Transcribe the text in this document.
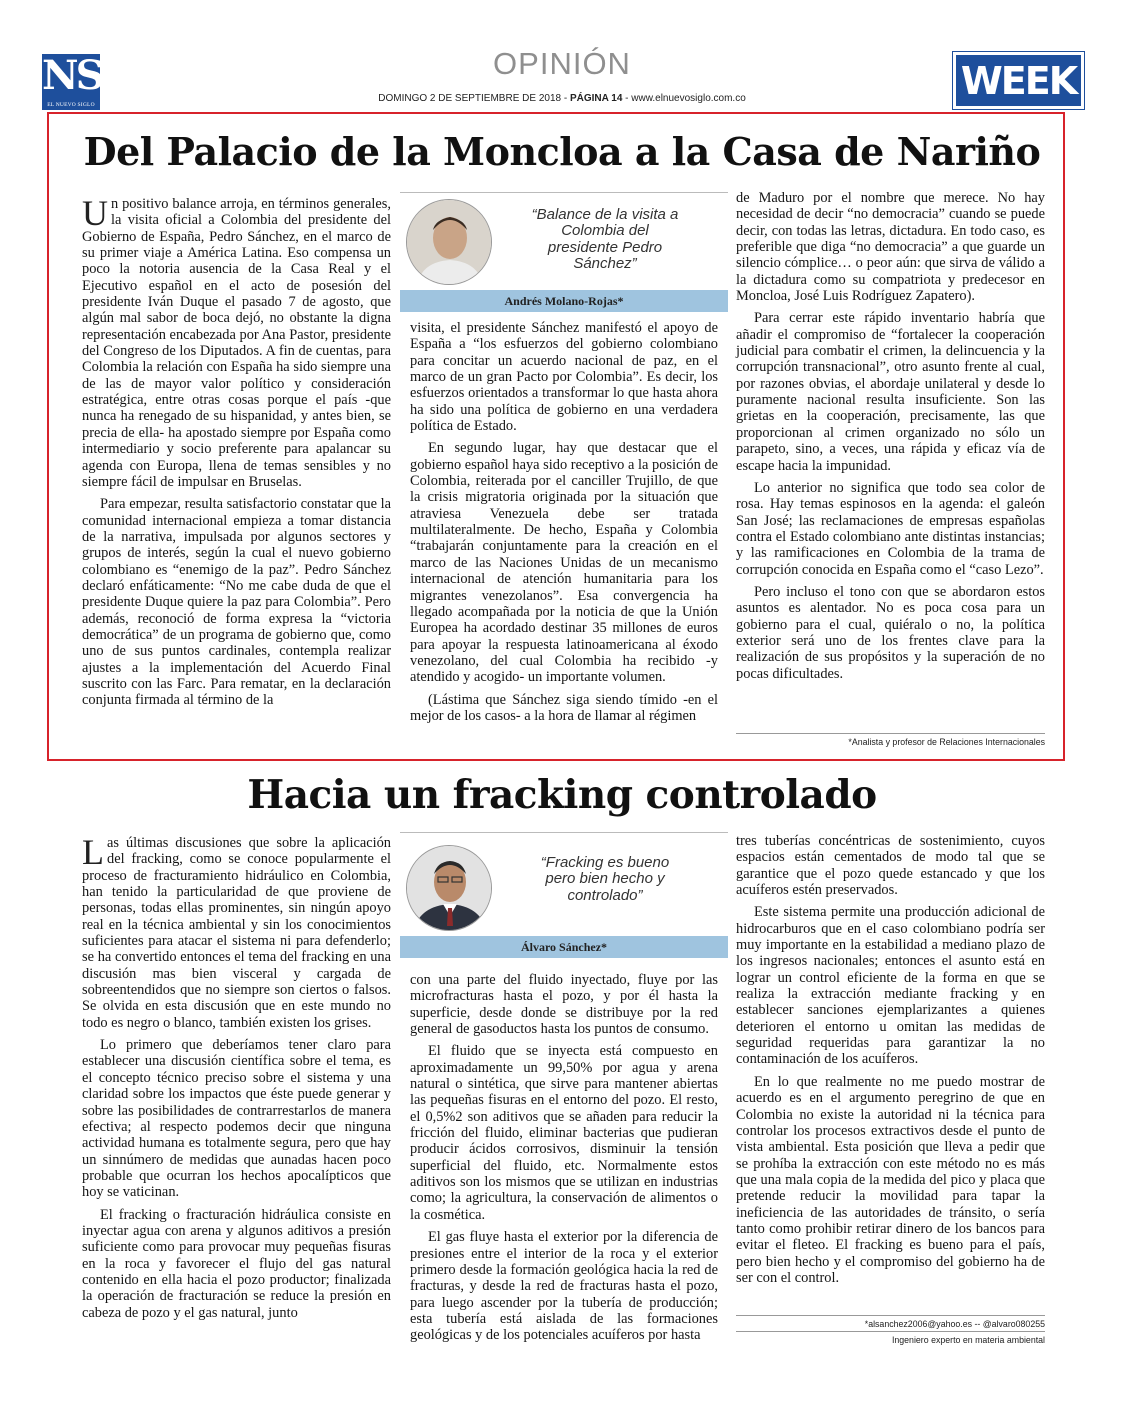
NS
EL NUEVO SIGLO
OPINIÓN
DOMINGO 2 DE SEPTIEMBRE DE 2018 - PÁGINA 14 - www.elnuevosiglo.com.co	WEEK
Del Palacio de la Moncloa a la Casa de Nariño

Un positivo balance arroja, en términos generales, la visita oficial a Colombia del presidente del Gobierno de España, Pedro Sánchez, en el marco de su primer viaje a América Latina. Eso compensa un poco la notoria ausencia de la Casa Real y el Ejecutivo español en el acto de posesión del presidente Iván Duque el pasado 7 de agosto, que algún mal sabor de boca dejó, no obstante la digna representación encabezada por Ana Pastor, presidente del Congreso de los Diputados. A fin de cuentas, para Colombia la relación con España ha sido siempre una de las de mayor valor político y consideración estratégica, entre otras cosas porque el país -que nunca ha renegado de su hispanidad, y antes bien, se precia de ella- ha apostado siempre por España como intermediario y socio preferente para apalancar su agenda con Europa, llena de temas sensibles y no siempre fácil de impulsar en Bruselas.

Para empezar, resulta satisfactorio constatar que la comunidad internacional empieza a tomar distancia de la narrativa, impulsada por algunos sectores y grupos de interés, según la cual el nuevo gobierno colombiano es “enemigo de la paz”. Pedro Sánchez declaró enfáticamente: “No me cabe duda de que el presidente Duque quiere la paz para Colombia”. Pero además, reconoció de forma expresa la “victoria democrática” de un programa de gobierno que, como uno de sus puntos cardinales, contempla realizar ajustes a la implementación del Acuerdo Final suscrito con las Farc. Para rematar, en la declaración conjunta firmada al término de la

“Balance de la visita a Colombia del presidente Pedro Sánchez”
Andrés Molano-Rojas*

visita, el presidente Sánchez manifestó el apoyo de España a “los esfuerzos del gobierno colombiano para concitar un acuerdo nacional de paz, en el marco de un gran Pacto por Colombia”. Es decir, los esfuerzos orientados a transformar lo que hasta ahora ha sido una política de gobierno en una verdadera política de Estado.

En segundo lugar, hay que destacar que el gobierno español haya sido receptivo a la posición de Colombia, reiterada por el canciller Trujillo, de que la crisis migratoria originada por la situación que atraviesa Venezuela debe ser tratada multilateralmente. De hecho, España y Colombia “trabajarán conjuntamente para la creación en el marco de las Naciones Unidas de un mecanismo internacional de atención humanitaria para los migrantes venezolanos”. Esa convergencia ha llegado acompañada por la noticia de que la Unión Europea ha acordado destinar 35 millones de euros para apoyar la respuesta latinoamericana al éxodo venezolano, del cual Colombia ha recibido -y atendido y acogido- un importante volumen.

(Lástima que Sánchez siga siendo tímido -en el mejor de los casos- a la hora de llamar al régimen

de Maduro por el nombre que merece. No hay necesidad de decir “no democracia” cuando se puede decir, con todas las letras, dictadura. En todo caso, es preferible que diga “no democracia” a que guarde un silencio cómplice… o peor aún: que sirva de válido a la dictadura como su compatriota y predecesor en Moncloa, José Luis Rodríguez Zapatero).

Para cerrar este rápido inventario habría que añadir el compromiso de “fortalecer la cooperación judicial para combatir el crimen, la delincuencia y la corrupción transnacional”, otro asunto frente al cual, por razones obvias, el abordaje unilateral y desde lo puramente nacional resulta insuficiente. Son las grietas en la cooperación, precisamente, las que proporcionan al crimen organizado no sólo un parapeto, sino, a veces, una rápida y eficaz vía de escape hacia la impunidad.

Lo anterior no significa que todo sea color de rosa. Hay temas espinosos en la agenda: el galeón San José; las reclamaciones de empresas españolas contra el Estado colombiano ante distintas instancias; y las ramificaciones en Colombia de la trama de corrupción conocida en España como el “caso Lezo”.

Pero incluso el tono con que se abordaron estos asuntos es alentador. No es poca cosa para un gobierno para el cual, quiéralo o no, la política exterior será uno de los frentes clave para la realización de sus propósitos y la superación de no pocas dificultades.

*Analista y profesor de Relaciones Internacionales
Hacia un fracking controlado

Las últimas discusiones que sobre la aplicación del fracking, como se conoce popularmente el proceso de fracturamiento hidráulico en Colombia, han tenido la particularidad de que proviene de personas, todas ellas prominentes, sin ningún apoyo real en la técnica ambiental y sin los conocimientos suficientes para atacar el sistema ni para defenderlo; se ha convertido entonces el tema del fracking en una discusión mas bien visceral y cargada de sobreentendidos que no siempre son ciertos o falsos. Se olvida en esta discusión que en este mundo no todo es negro o blanco, también existen los grises.

Lo primero que deberíamos tener claro para establecer una discusión científica sobre el tema, es el concepto técnico preciso sobre el sistema y una claridad sobre los impactos que éste puede generar y sobre las posibilidades de contrarrestarlos de manera efectiva; al respecto podemos decir que ninguna actividad humana es totalmente segura, pero que hay un sinnúmero de medidas que aunadas hacen poco probable que ocurran los hechos apocalípticos que hoy se vaticinan.

El fracking o fracturación hidráulica consiste en inyectar agua con arena y algunos aditivos a presión suficiente como para provocar muy pequeñas fisuras en la roca y favorecer el flujo del gas natural contenido en ella hacia el pozo productor; finalizada la operación de fracturación se reduce la presión en cabeza de pozo y el gas natural, junto

“Fracking es bueno pero bien hecho y controlado”
Álvaro Sánchez*

con una parte del fluido inyectado, fluye por las microfracturas hasta el pozo, y por él hasta la superficie, desde donde se distribuye por la red general de gasoductos hasta los puntos de consumo.

El fluido que se inyecta está compuesto en aproximadamente un 99,50% por agua y arena natural o sintética, que sirve para mantener abiertas las pequeñas fisuras en el entorno del pozo. El resto, el 0,5%2 son aditivos que se añaden para reducir la fricción del fluido, eliminar bacterias que pudieran producir ácidos corrosivos, disminuir la tensión superficial del fluido, etc. Normalmente estos aditivos son los mismos que se utilizan en industrias como; la agricultura, la conservación de alimentos o la cosmética.

El gas fluye hasta el exterior por la diferencia de presiones entre el interior de la roca y el exterior primero desde la formación geológica hacia la red de fracturas, y desde la red de fracturas hasta el pozo, para luego ascender por la tubería de producción; esta tubería está aislada de las formaciones geológicas y de los potenciales acuíferos por hasta

tres tuberías concéntricas de sostenimiento, cuyos espacios están cementados de modo tal que se garantice que el pozo quede estancado y que los acuíferos estén preservados.

Este sistema permite una producción adicional de hidrocarburos que en el caso colombiano podría ser muy importante en la estabilidad a mediano plazo de los ingresos nacionales; entonces el asunto está en lograr un control eficiente de la forma en que se realiza la extracción mediante fracking y en establecer sanciones ejemplarizantes a quienes deterioren el entorno u omitan las medidas de seguridad requeridas para garantizar la no contaminación de los acuíferos.

En lo que realmente no me puedo mostrar de acuerdo es en el argumento peregrino de que en Colombia no existe la autoridad ni la técnica para controlar los procesos extractivos desde el punto de vista ambiental. Esta posición que lleva a pedir que se prohíba la extracción con este método no es más que una mala copia de la medida del pico y placa que pretende reducir la movilidad para tapar la ineficiencia de las autoridades de tránsito, o sería tanto como prohibir retirar dinero de los bancos para evitar el fleteo. El fracking es bueno para el país, pero bien hecho y el compromiso del gobierno ha de ser con el control.

*alsanchez2006@yahoo.es -- @alvaro080255
Ingeniero experto en materia ambiental
